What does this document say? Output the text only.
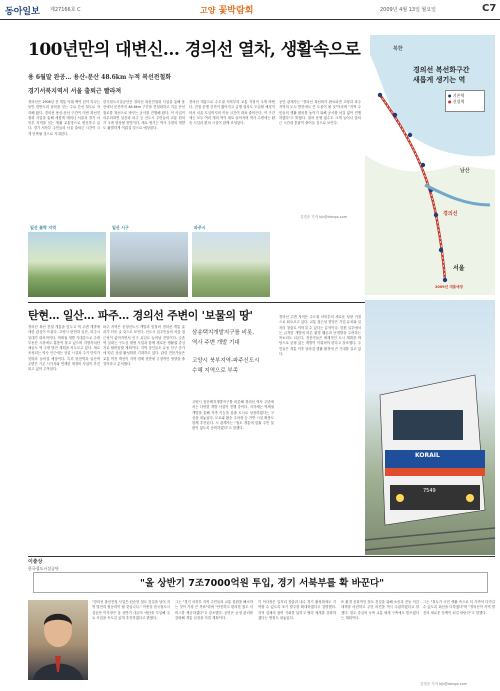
동아일보 제27166호 C	고양 꽃박람회	2009년 4월 13일 월요일	C7
100년만의 대변신… 경의선 열차, 생활속으로
용 6월말 완공… 용산-문산 48.6km 누적 복선전철화
경기서북지역서 서울 출퇴근 빨라져
경의선은 1906년 전 개통 이래 백여 년이 지나는 동안 한반도의 남북을 잇는 주요 간선 철도로 자리해 왔다. 경의선 용산-문산 구간이 이번 복선전철화 사업을 통해 새롭게 태어나 서울과 경기 서북부 지역을 잇는 생활 교통망으로 변신하고 있다. 경기 서북부 주민들의 서울 출퇴근 시간이 크게 단축될 것으로 기대된다.
한국철도시설공단은 경의선 복선전철화 사업을 통해 용산에서 문산까지 48.6km 구간을 전철화하고 기존 단선 철로를 복선으로 바꾸는 공사를 진행해 왔다. 이 사업이 마무리되면 일산과 파주 등 신도시 주민들의 교통 편의가 크게 향상될 전망이다. 새로 생기는 역사 주변의 개발도 활발하게 이뤄질 것으로 예상된다.
경의선 개통으로 수도권 서북부의 교통 지형이 크게 바뀐다. 전철 운행 간격이 짧아지고 급행 열차도 도입될 예정이어서 서울 도심까지의 이동 시간이 대폭 줄어든다. 이 구간에는 모두 여러 개의 역이 새로 들어서며 역사 주변에는 환승 시설과 편의 시설이 함께 조성된다.
공단 관계자는 "경의선 복선화가 완료되면 고양과 파주 지역의 도시 발전에도 큰 도움이 될 것"이라며 "지역 주민들의 생활 편의를 높이기 위해 공사를 차질 없이 진행하겠다"고 밝혔다. 열차 운행 횟수도 크게 늘어나 출퇴근 시간대 혼잡이 줄어들 것으로 보인다.
김경준 기자 kjk@donga.com
경의선 복선화구간
새롭게 생기는 역
● 기존역
● 신설역
북한
남산
경의선
서울
2009년 개통예정
일산 꽃박 지역	일산 시구	파주시
탄현… 일산… 파주… 경의선 주변이 '보물의 땅'
경의선 복선 전철 개통을 앞두고 역 주변 개발에 대한 관심이 뜨겁다. 고양시 탄현과 일산, 파주시 일대가 대표적이다. 역세권 개발 기대감으로 주변 부동산 시장에도 훈풍이 불고 있으며 지방자치단체들도 역 주변 발전 계획을 서두르고 있다. 새로 조성되는 역사 인근에는 상업 시설과 주거 단지가 잇따라 들어설 예정이다. 특히 탄현역과 일산역 주변은 기존 시가지와 연계한 재정비 사업이 추진되고 있어 주목된다.
파주 지역은 운정신도시 개발과 맞물려 경의선 개통 효과가 더욱 클 것으로 보인다. 신도시 입주민들의 서울 접근성이 좋아지면서 인구 유입도 늘어날 전망이다. 금촌역 일대는 구도심 재생 사업과 함께 새로운 생활권 중심지로 탈바꿈할 계획이다. 지역 상인들도 유동 인구 증가에 따른 상권 활성화를 기대하고 있다. 관련 전문가들은 교통 여건 개선이 지역 경제 전반에 긍정적인 영향을 줄 것이라고 분석했다.
삼송택지개발지구를 비롯,
역사 주변 개발 기대
고양시 북부지역-파주신도시
수혜 지역으로 부족
고양시 삼송택지개발지구를 비롯해 경의선 역사 주변에서는 다양한 개발 사업이 진행 중이다. 지자체는 역세권 개발을 통해 자족 기능을 갖춘 도시로 성장하겠다는 구상을 내놓았다. 도로와 환승 주차장 등 기반 시설 확충도 함께 추진된다. 시 관계자는 "철도 개통에 맞춰 주민 불편이 없도록 준비하겠다"고 말했다.
경의선 주변 지역은 수도권 서북부의 새로운 성장 거점으로 떠오르고 있다. 교통 접근성 향상은 기업 유치와 일자리 창출로 이어질 수 있다는 분석이다. 한편 일부에서는 급격한 개발에 따른 환경 훼손과 난개발을 우려하는 목소리도 나온다. 전문가들은 체계적인 도시 계획을 바탕으로 균형 있는 개발이 이뤄져야 한다고 강조했다. 주민들은 개통 이후 달라질 생활 환경에 큰 기대를 걸고 있다.
KORAIL
7549
이충상
한국철도시설공단
"올 상반기 7조7000억원 투입, 경기 서북부를 확 바꾼다"
"경의선 복선전철 사업은 단순한 철도 건설을 넘어 지역 발전의 원동력이 될 것입니다." 이충상 한국철도시설공단 이사장은 올 상반기 대규모 예산을 투입해 주요 사업을 속도감 있게 추진하겠다고 밝혔다.
그는 "경기 서북부 지역 주민들의 교통 불편을 해소하는 것이 가장 큰 목표"라며 "안전하고 편리한 철도 서비스를 제공하겠다"고 강조했다. 공단은 공정 관리를 강화해 개통 일정을 지킬 계획이다.
이 이사장은 일자리 창출과 내수 경기 활성화에도 기여할 수 있도록 조기 발주를 확대하겠다고 설명했다. 지역 업체의 참여 기회를 넓히고 협력 체계를 강화하겠다는 방침도 내놓았다.
또 환경 친화적인 철도 건설을 위해 소음과 진동 저감 대책을 마련하고 주민 의견을 적극 수렴하겠다고 말했다. 철도 중심의 녹색 교통 체계 구축에도 힘쓰겠다는 계획이다.
그는 "철도가 국민 생활 속으로 더 가까이 다가갈 수 있도록 최선을 다하겠다"며 "경의선이 지역 발전의 새로운 동맥이 되길 바란다"고 말했다.
김경준 기자 kjk@donga.com
